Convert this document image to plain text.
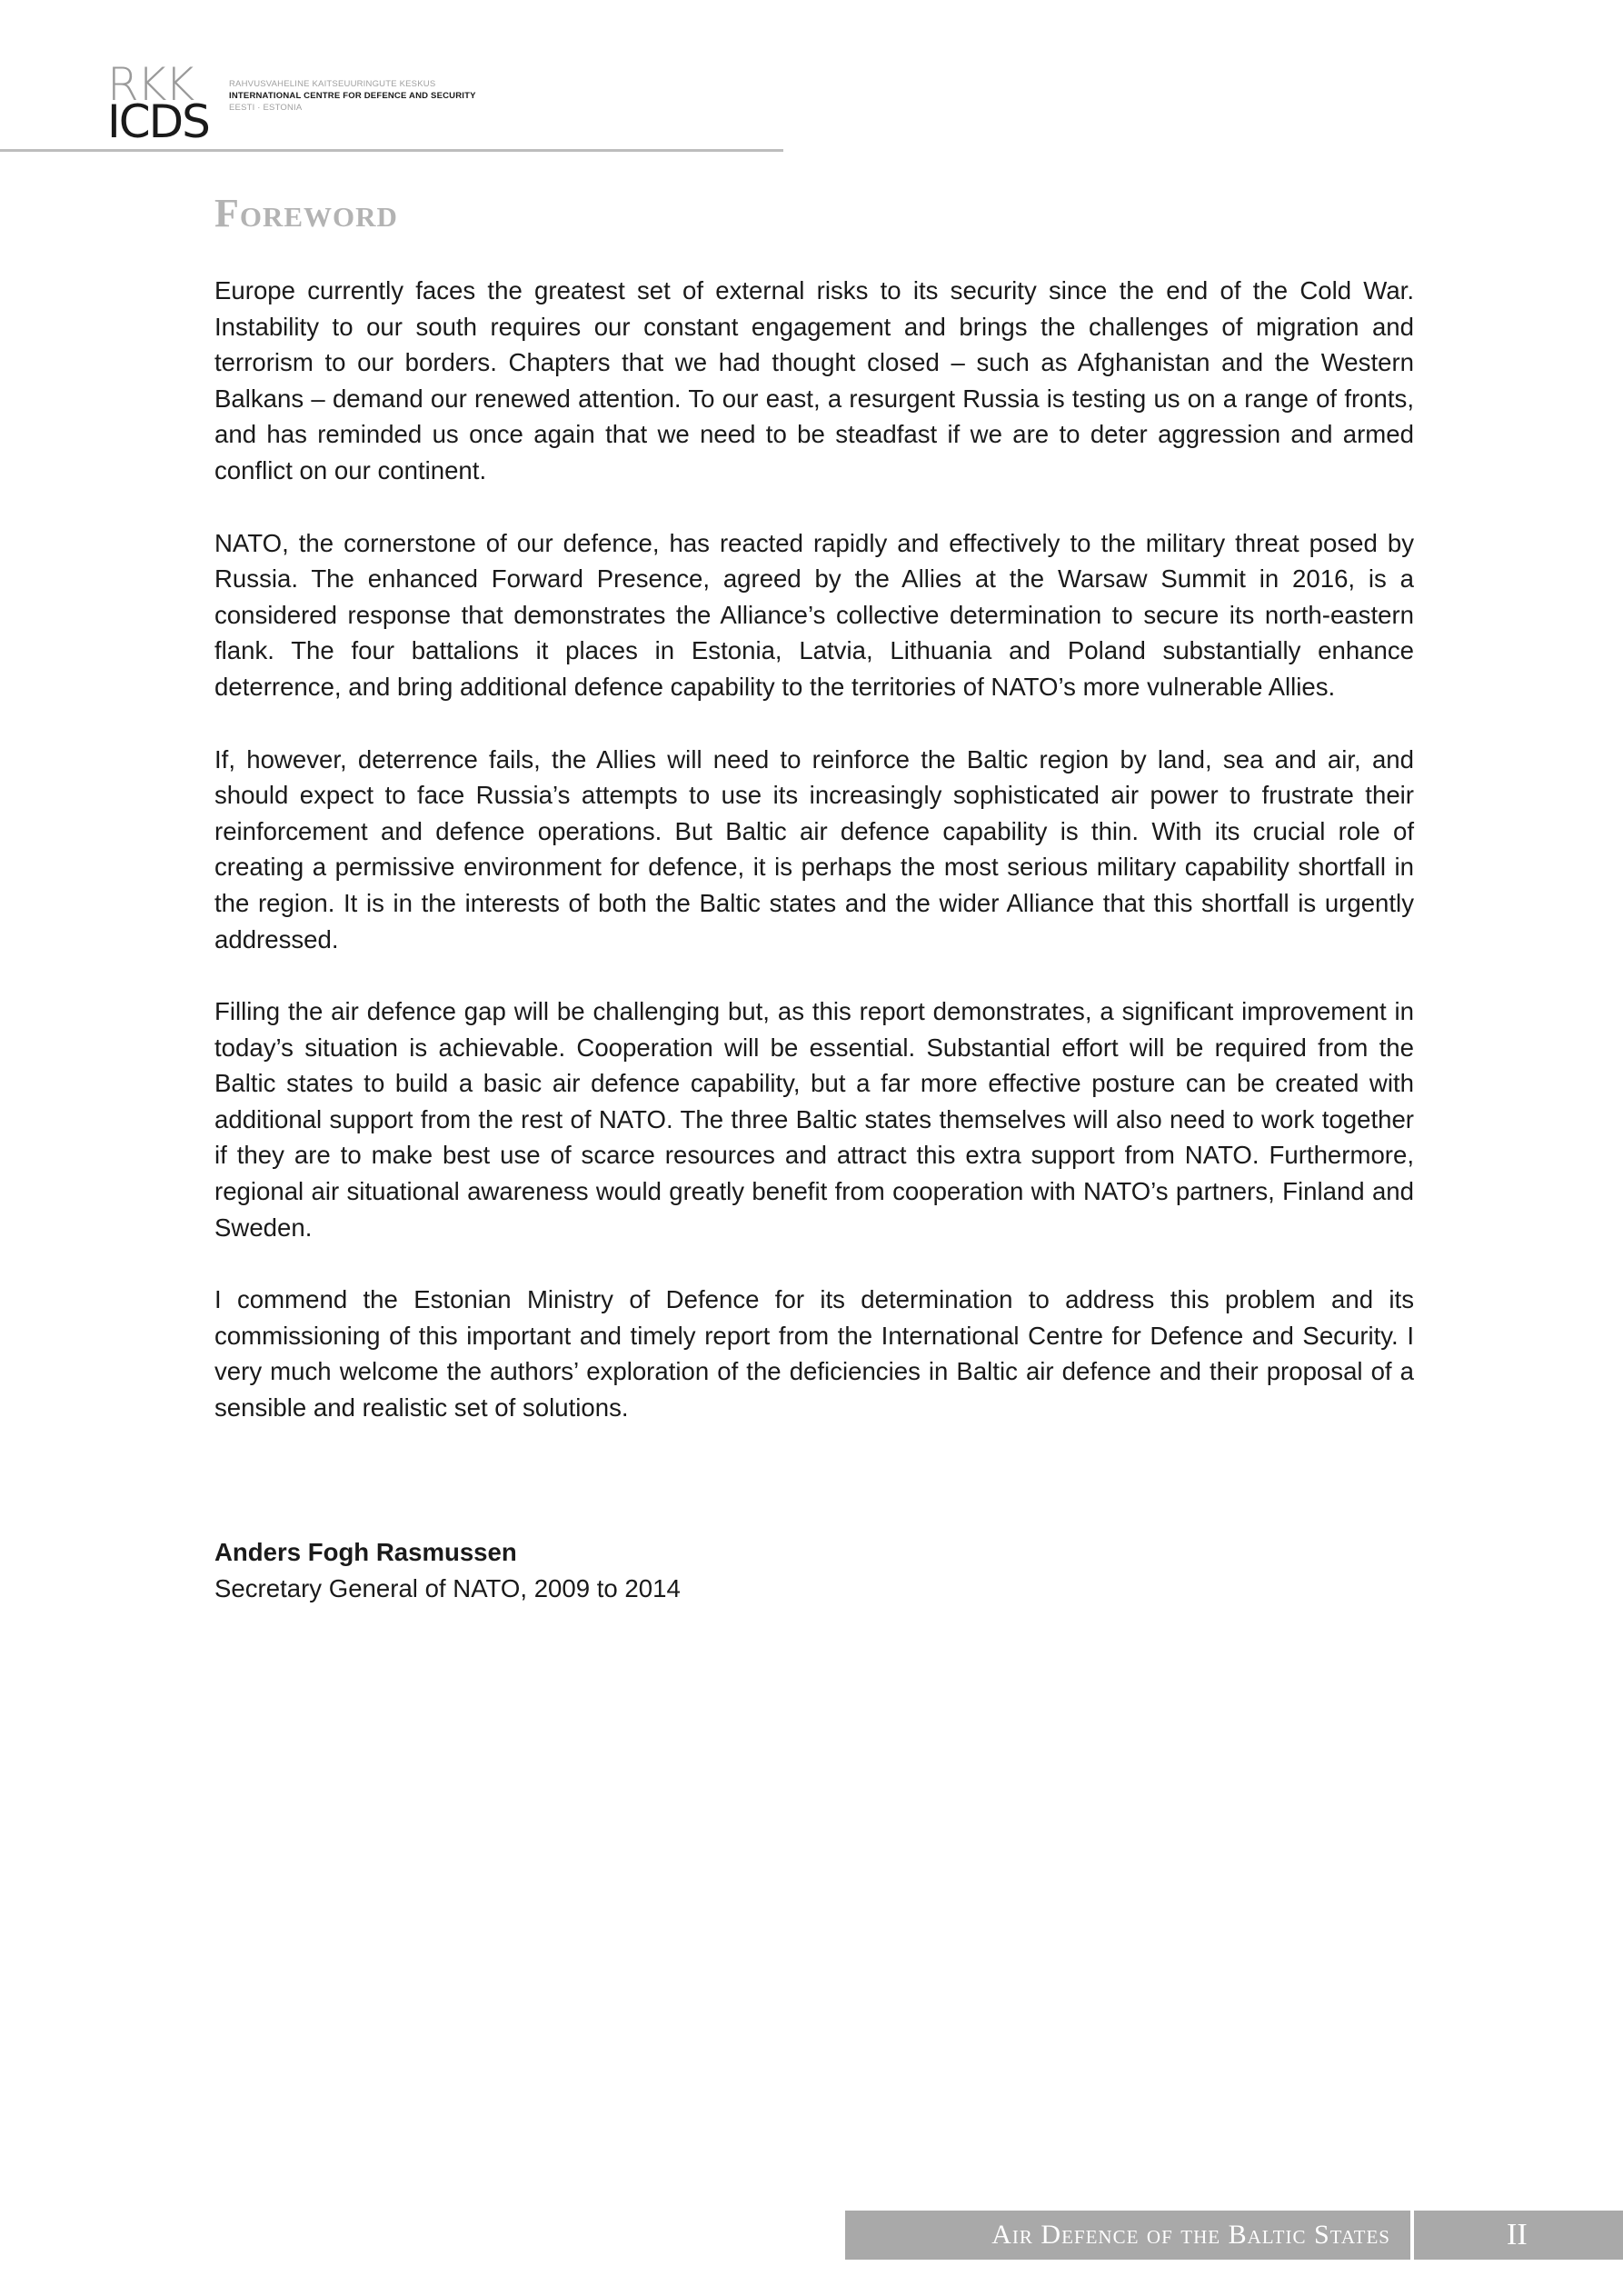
RKK
ICDS
RAHVUSVAHELINE KAITSEUURINGUTE KESKUS
INTERNATIONAL CENTRE FOR DEFENCE AND SECURITY
EESTI · ESTONIA
Foreword

Europe currently faces the greatest set of external risks to its security since the end of the Cold War. Instability to our south requires our constant engagement and brings the challenges of migration and terrorism to our borders. Chapters that we had thought closed – such as Afghanistan and the Western Balkans – demand our renewed attention. To our east, a resurgent Russia is testing us on a range of fronts, and has reminded us once again that we need to be steadfast if we are to deter aggression and armed conflict on our continent.

NATO, the cornerstone of our defence, has reacted rapidly and effectively to the military threat posed by Russia. The enhanced Forward Presence, agreed by the Allies at the Warsaw Summit in 2016, is a considered response that demonstrates the Alliance’s collective determination to secure its north-eastern flank. The four battalions it places in Estonia, Latvia, Lithuania and Poland substantially enhance deterrence, and bring additional defence capability to the territories of NATO’s more vulnerable Allies.

If, however, deterrence fails, the Allies will need to reinforce the Baltic region by land, sea and air, and should expect to face Russia’s attempts to use its increasingly sophisticated air power to frustrate their reinforcement and defence operations. But Baltic air defence capability is thin. With its crucial role of creating a permissive environment for defence, it is perhaps the most serious military capability shortfall in the region. It is in the interests of both the Baltic states and the wider Alliance that this shortfall is urgently addressed.

Filling the air defence gap will be challenging but, as this report demonstrates, a significant improvement in today’s situation is achievable. Cooperation will be essential. Substantial effort will be required from the Baltic states to build a basic air defence capability, but a far more effective posture can be created with additional support from the rest of NATO. The three Baltic states themselves will also need to work together if they are to make best use of scarce resources and attract this extra support from NATO. Furthermore, regional air situational awareness would greatly benefit from cooperation with NATO’s partners, Finland and Sweden.

I commend the Estonian Ministry of Defence for its determination to address this problem and its commissioning of this important and timely report from the International Centre for Defence and Security. I very much welcome the authors’ exploration of the deficiencies in Baltic air defence and their proposal of a sensible and realistic set of solutions.

Anders Fogh Rasmussen
Secretary General of NATO, 2009 to 2014
Air Defence of the Baltic States	II
